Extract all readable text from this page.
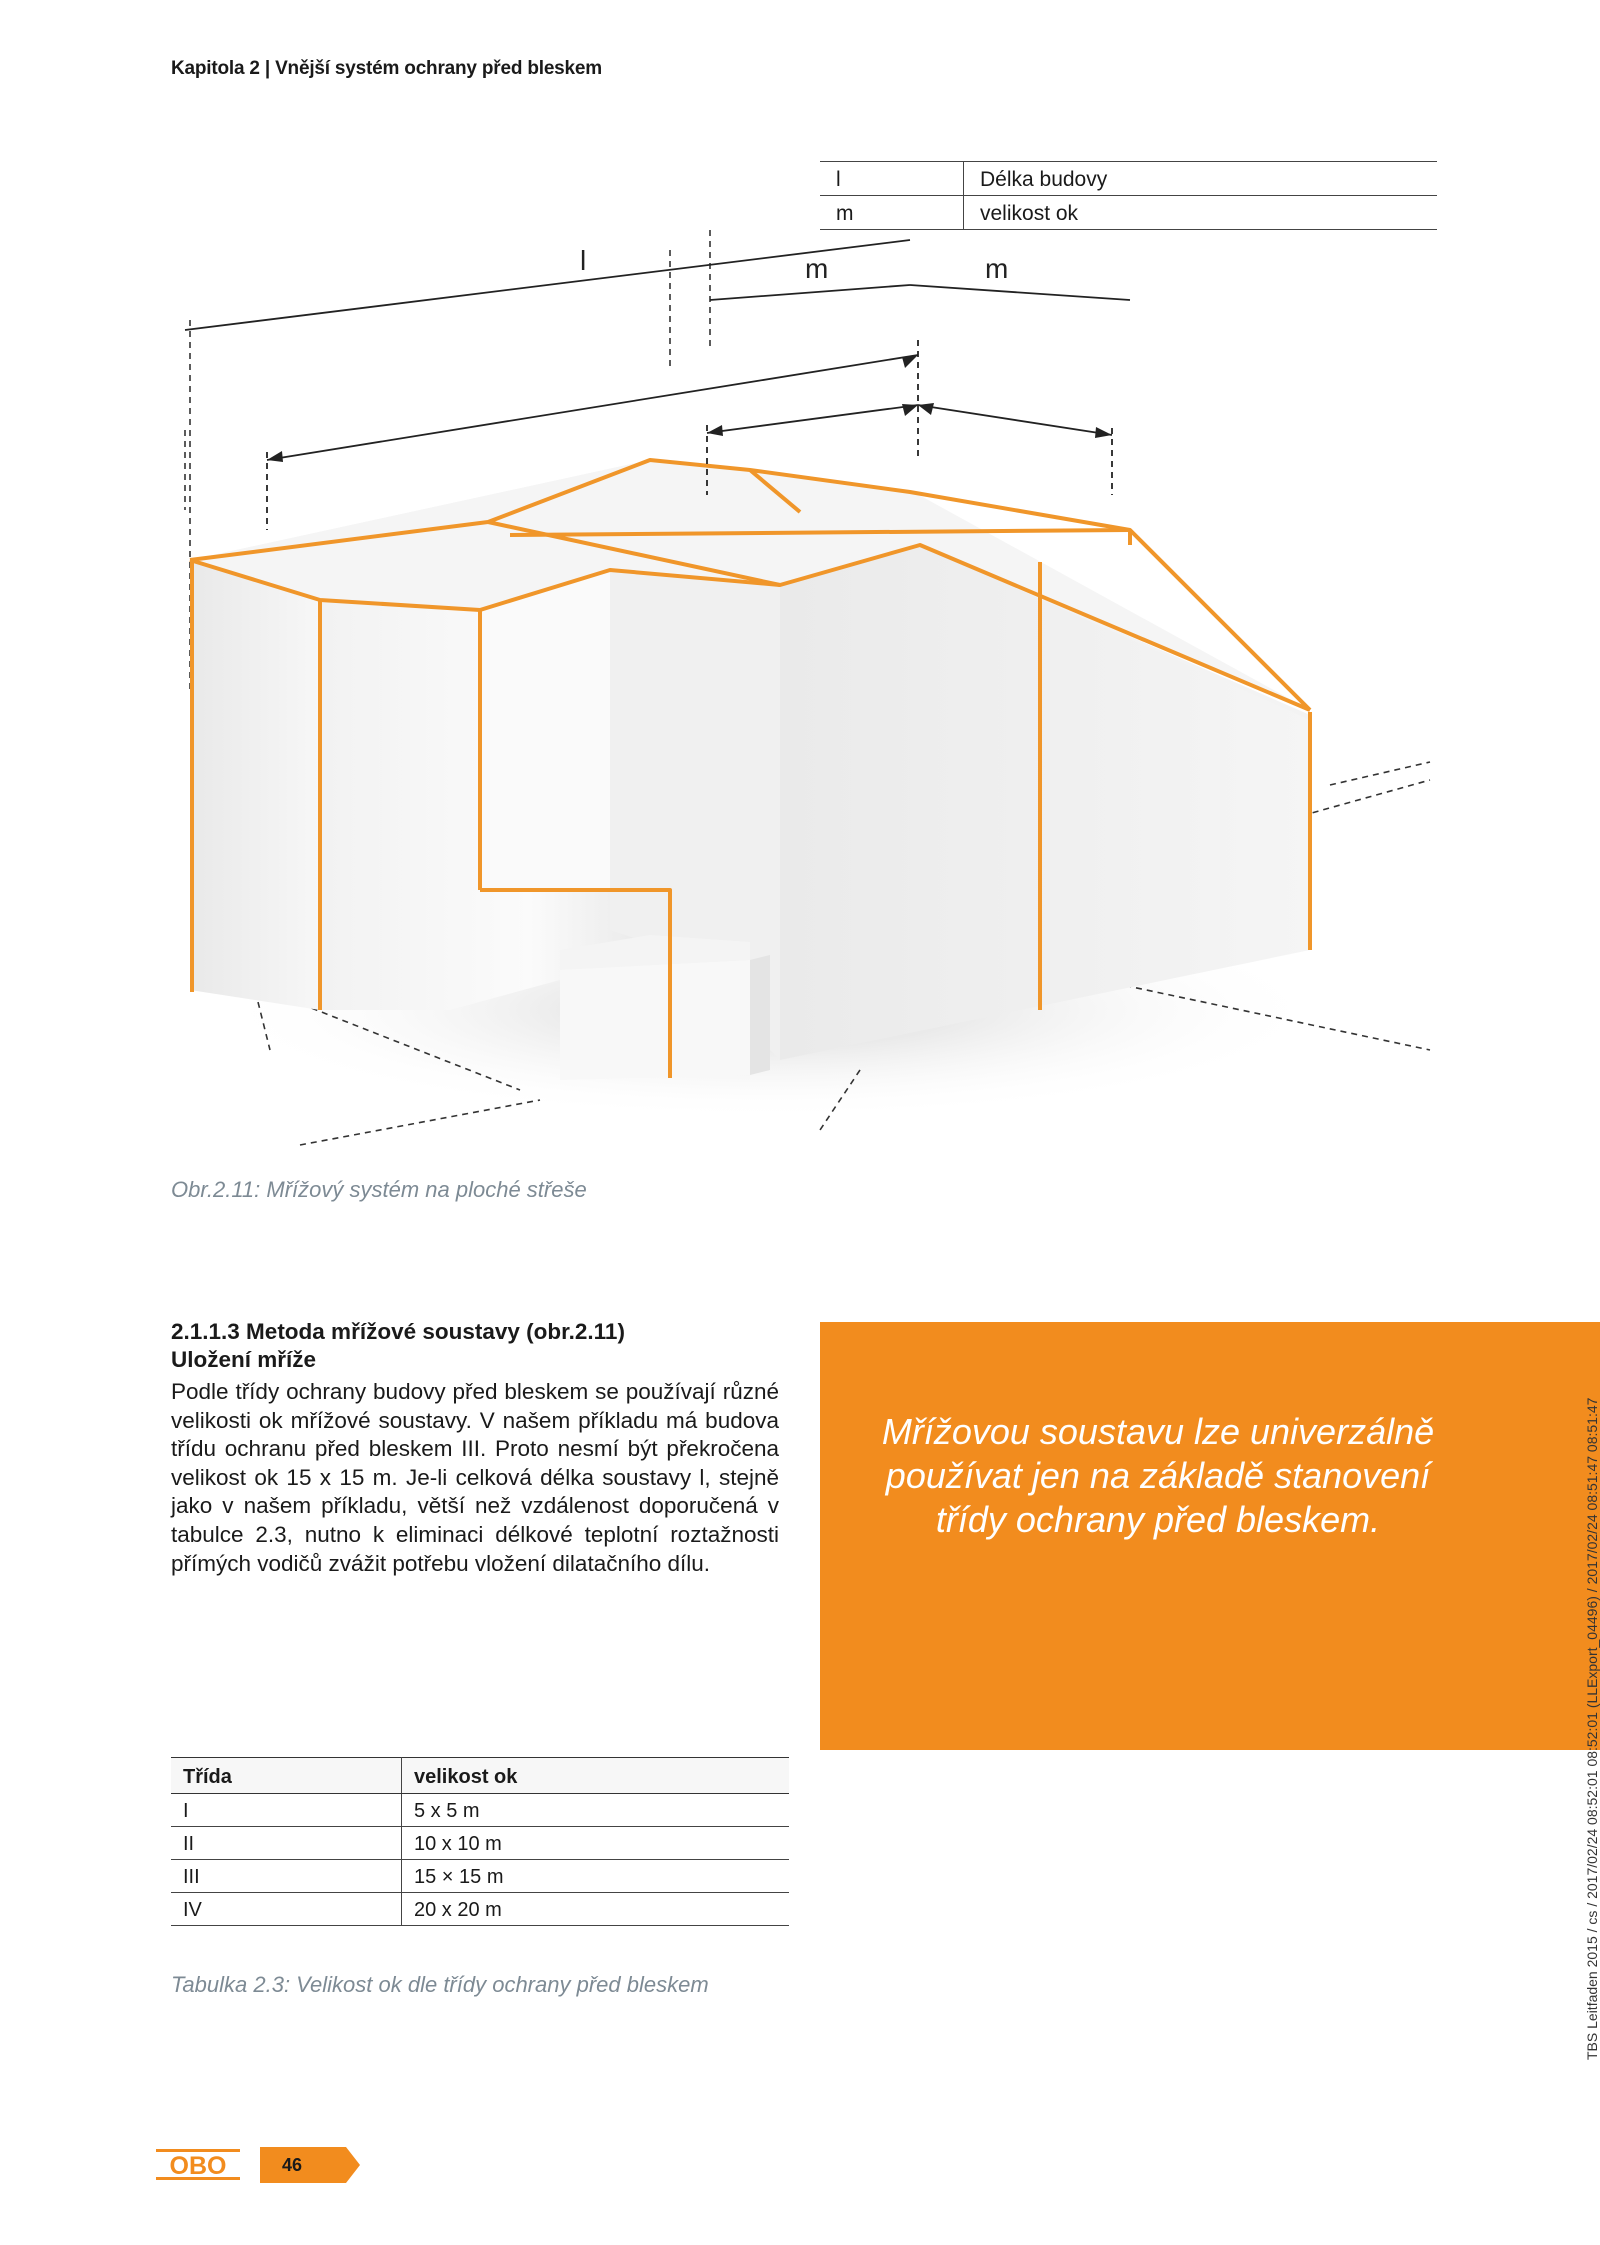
Kapitola 2 | Vnější systém ochrany před bleskem
l	Délka budovy
m	velikost ok
l	m	m
Obr.2.11: Mřížový systém na ploché střeše
2.1.1.3 Metoda mřížové soustavy (obr.2.11)
Uložení mříže
Podle třídy ochrany budovy před bleskem se používají různé velikosti ok mřížové soustavy. V našem příkladu má budova třídu ochranu před bleskem III. Proto nesmí být překročena velikost ok 15 x 15 m. Je-li celková délka soustavy l, stejně jako v našem příkladu, větší než vzdálenost doporučená v tabulce 2.3, nutno k eliminaci délkové teplotní roztažnosti přímých vodičů zvážit potřebu vložení dilatačního dílu.
Mřížovou soustavu lze univerzálně používat jen na základě stanovení třídy ochrany před bleskem.
Třída	velikost ok
I	5 x 5 m
II	10 x 10 m
III	15 × 15 m
IV	20 x 20 m
Tabulka 2.3: Velikost ok dle třídy ochrany před bleskem	TBS Leitfaden 2015 / cs / 2017/02/24 08:52:01 08:52:01 (LLExport_04496) / 2017/02/24 08:51:47 08:51:47
OBO	46
